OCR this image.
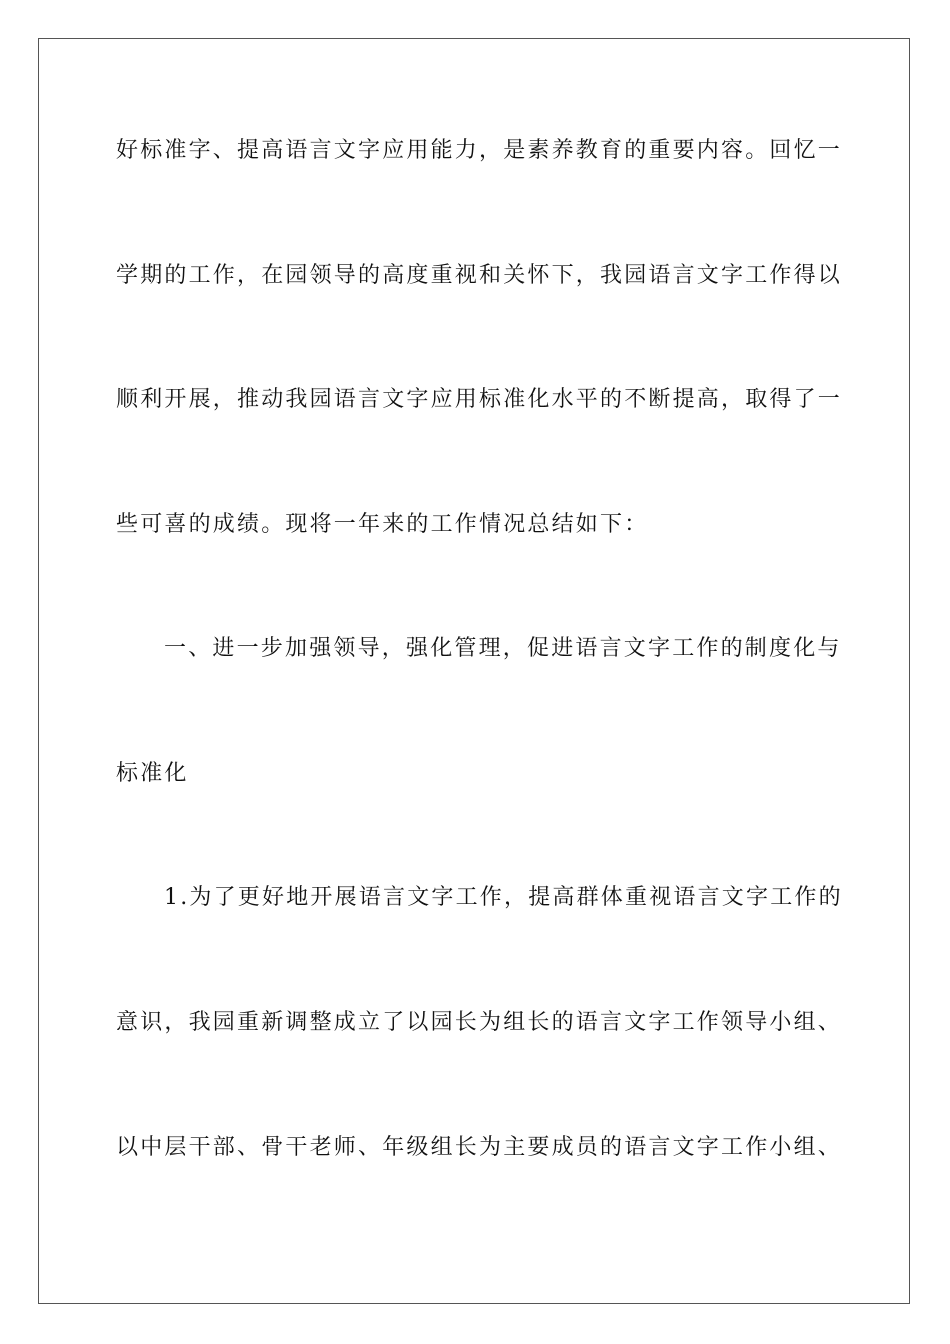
好标准字、提高语言文字应用能力，是素养教育的重要内容。回忆一
学期的工作，在园领导的高度重视和关怀下，我园语言文字工作得以
顺利开展，推动我园语言文字应用标准化水平的不断提高，取得了一
些可喜的成绩。现将一年来的工作情况总结如下：
一、进一步加强领导，强化管理，促进语言文字工作的制度化与
标准化
1.为了更好地开展语言文字工作，提高群体重视语言文字工作的
意识，我园重新调整成立了以园长为组长的语言文字工作领导小组、
以中层干部、骨干老师、年级组长为主要成员的语言文字工作小组、
